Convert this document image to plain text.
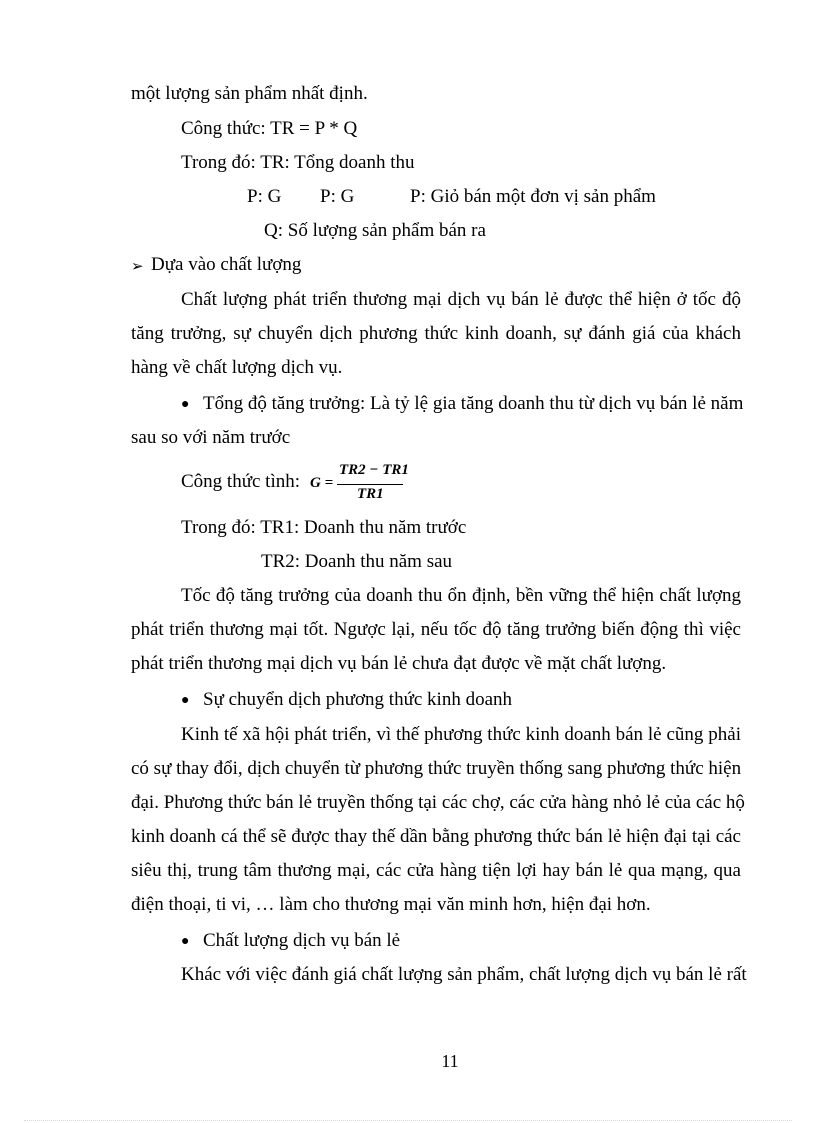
một lượng sản phẩm nhất định.
Công thức: TR = P * Q
Trong đó: TR: Tổng doanh thu
P: G P: G	P: Giỏ bán một đơn vị sản phẩm
Q: Số lượng sản phẩm bán ra
➢ Dựa vào chất lượng
Chất lượng phát triển thương mại dịch vụ bán lẻ được thể hiện ở tốc độ
tăng trưởng, sự chuyển dịch phương thức kinh doanh, sự đánh giá của khách
hàng về chất lượng dịch vụ.
● Tổng độ tăng trưởng: Là tỷ lệ gia tăng doanh thu từ dịch vụ bán lẻ năm
sau so với năm trước
Công thức tình: G =
TR2 − TR1
TR1
Trong đó: TR1: Doanh thu năm trước
TR2: Doanh thu năm sau
Tốc độ tăng trưởng của doanh thu ổn định, bền vững thể hiện chất lượng
phát triển thương mại tốt. Ngược lại, nếu tốc độ tăng trưởng biến động thì việc
phát triển thương mại dịch vụ bán lẻ chưa đạt được về mặt chất lượng.
● Sự chuyển dịch phương thức kinh doanh
Kinh tế xã hội phát triển, vì thế phương thức kinh doanh bán lẻ cũng phải
có sự thay đổi, dịch chuyển từ phương thức truyền thống sang phương thức hiện
đại. Phương thức bán lẻ truyền thống tại các chợ, các cửa hàng nhỏ lẻ của các hộ
kinh doanh cá thể sẽ được thay thế dần bằng phương thức bán lẻ hiện đại tại các
siêu thị, trung tâm thương mại, các cửa hàng tiện lợi hay bán lẻ qua mạng, qua
điện thoại, ti vi, … làm cho thương mại văn minh hơn, hiện đại hơn.
● Chất lượng dịch vụ bán lẻ
Khác với việc đánh giá chất lượng sản phẩm, chất lượng dịch vụ bán lẻ rất
11
